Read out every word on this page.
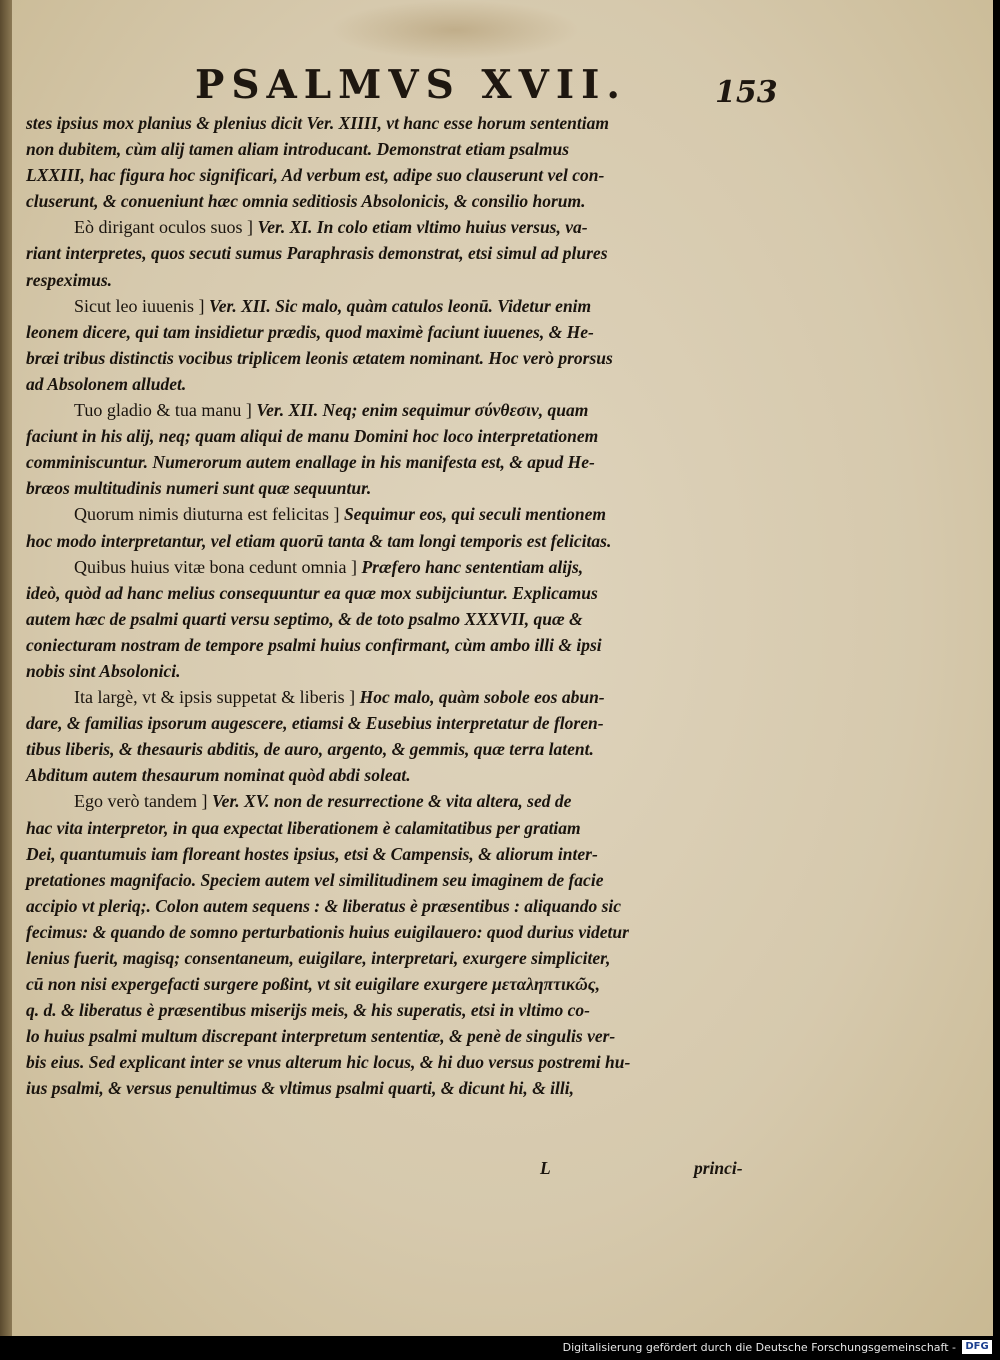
PSALMVS XVII.	153
stes ipsius mox planius & plenius dicit Ver. XIIII, vt hanc esse horum sententiam
non dubitem, cùm alij tamen aliam introducant. Demonstrat etiam psalmus
LXXIII, hac figura hoc significari, Ad verbum est, adipe suo clauserunt vel con-
cluserunt, & conueniunt hæc omnia seditiosis Absolonicis, & consilio horum.
Eò dirigant oculos suos ] Ver. XI. In colo etiam vltimo huius versus, va-
riant interpretes, quos secuti sumus Paraphrasis demonstrat, etsi simul ad plures
respeximus.
Sicut leo iuuenis ] Ver. XII. Sic malo, quàm catulos leonū. Videtur enim
leonem dicere, qui tam insidietur prædis, quod maximè faciunt iuuenes, & He-
bræi tribus distinctis vocibus triplicem leonis ætatem nominant. Hoc verò prorsus
ad Absolonem alludet.
Tuo gladio & tua manu ] Ver. XII. Neq; enim sequimur σύνθεσιν, quam
faciunt in his alij, neq; quam aliqui de manu Domini hoc loco interpretationem
comminiscuntur. Numerorum autem enallage in his manifesta est, & apud He-
bræos multitudinis numeri sunt quæ sequuntur.
Quorum nimis diuturna est felicitas ] Sequimur eos, qui seculi mentionem
hoc modo interpretantur, vel etiam quorū tanta & tam longi temporis est felicitas.
Quibus huius vitæ bona cedunt omnia ] Præfero hanc sententiam alijs,
ideò, quòd ad hanc melius consequuntur ea quæ mox subijciuntur. Explicamus
autem hæc de psalmi quarti versu septimo, & de toto psalmo XXXVII, quæ &
coniecturam nostram de tempore psalmi huius confirmant, cùm ambo illi & ipsi
nobis sint Absolonici.
Ita largè, vt & ipsis suppetat & liberis ] Hoc malo, quàm sobole eos abun-
dare, & familias ipsorum augescere, etiamsi & Eusebius interpretatur de floren-
tibus liberis, & thesauris abditis, de auro, argento, & gemmis, quæ terra latent.
Abditum autem thesaurum nominat quòd abdi soleat.
Ego verò tandem ] Ver. XV. non de resurrectione & vita altera, sed de
hac vita interpretor, in qua expectat liberationem è calamitatibus per gratiam
Dei, quantumuis iam floreant hostes ipsius, etsi & Campensis, & aliorum inter-
pretationes magnifacio. Speciem autem vel similitudinem seu imaginem de facie
accipio vt pleriq;. Colon autem sequens : & liberatus è præsentibus : aliquando sic
fecimus: & quando de somno perturbationis huius euigilauero: quod durius videtur
lenius fuerit, magisq; consentaneum, euigilare, interpretari, exurgere simpliciter,
cū non nisi expergefacti surgere poßint, vt sit euigilare exurgere μεταληπτικῶς,
q. d. & liberatus è præsentibus miserijs meis, & his superatis, etsi in vltimo co-
lo huius psalmi multum discrepant interpretum sententiæ, & penè de singulis ver-
bis eius. Sed explicant inter se vnus alterum hic locus, & hi duo versus postremi hu-
ius psalmi, & versus penultimus & vltimus psalmi quarti, & dicunt hi, & illi,
L	princi-
Digitalisierung gefördert durch die Deutsche Forschungsgemeinschaft - DFG
